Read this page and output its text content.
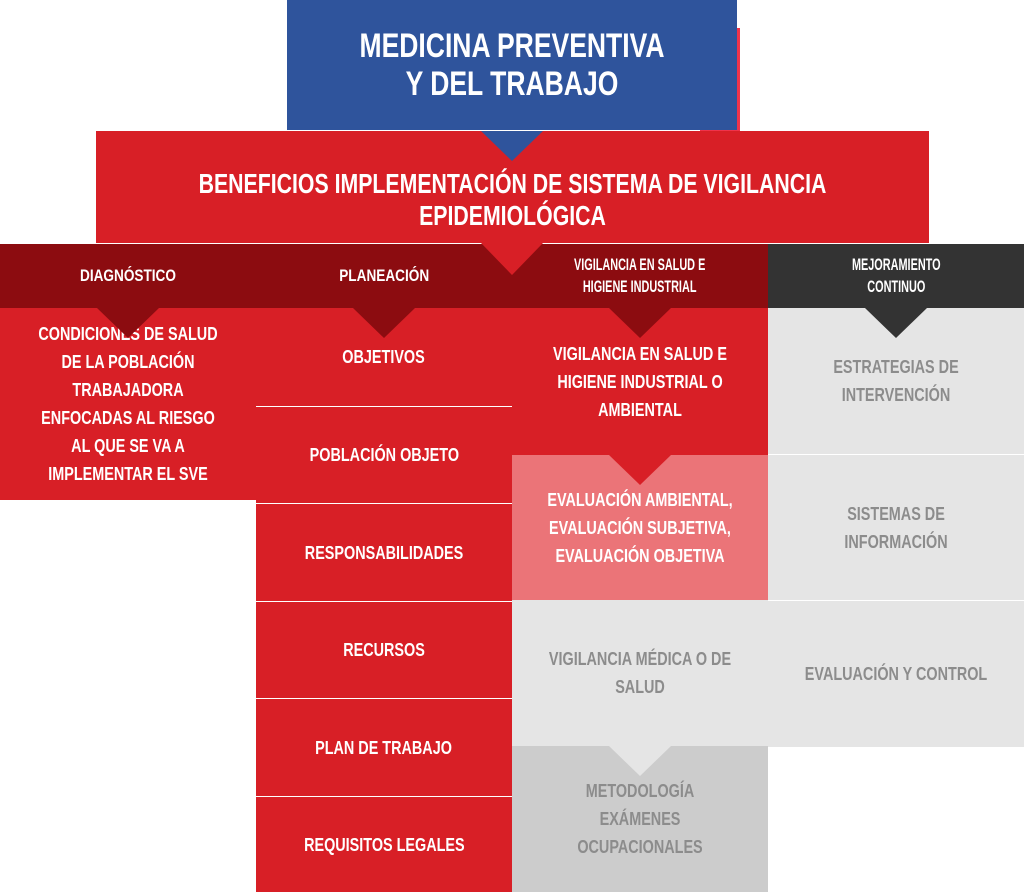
MEDICINA PREVENTIVA
Y DEL TRABAJO
BENEFICIOS IMPLEMENTACIÓN DE SISTEMA DE VIGILANCIA EPIDEMIOLÓGICA
DIAGNÓSTICO	PLANEACIÓN
VIGILANCIA EN SALUD E
HIGIENE INDUSTRIAL
MEJORAMIENTO
CONTINUO
CONDICIONES DE SALUD DE LA POBLACIÓN TRABAJADORA ENFOCADAS AL RIESGO AL QUE SE VA A IMPLEMENTAR EL SVE
OBJETIVOS
POBLACIÓN OBJETO
RESPONSABILIDADES
RECURSOS
PLAN DE TRABAJO
REQUISITOS LEGALES
VIGILANCIA EN SALUD E HIGIENE INDUSTRIAL O AMBIENTAL
EVALUACIÓN AMBIENTAL, EVALUACIÓN SUBJETIVA, EVALUACIÓN OBJETIVA
VIGILANCIA MÉDICA O DE SALUD
METODOLOGÍA EXÁMENES OCUPACIONALES
ESTRATEGIAS DE INTERVENCIÓN
SISTEMAS DE INFORMACIÓN
EVALUACIÓN Y CONTROL
